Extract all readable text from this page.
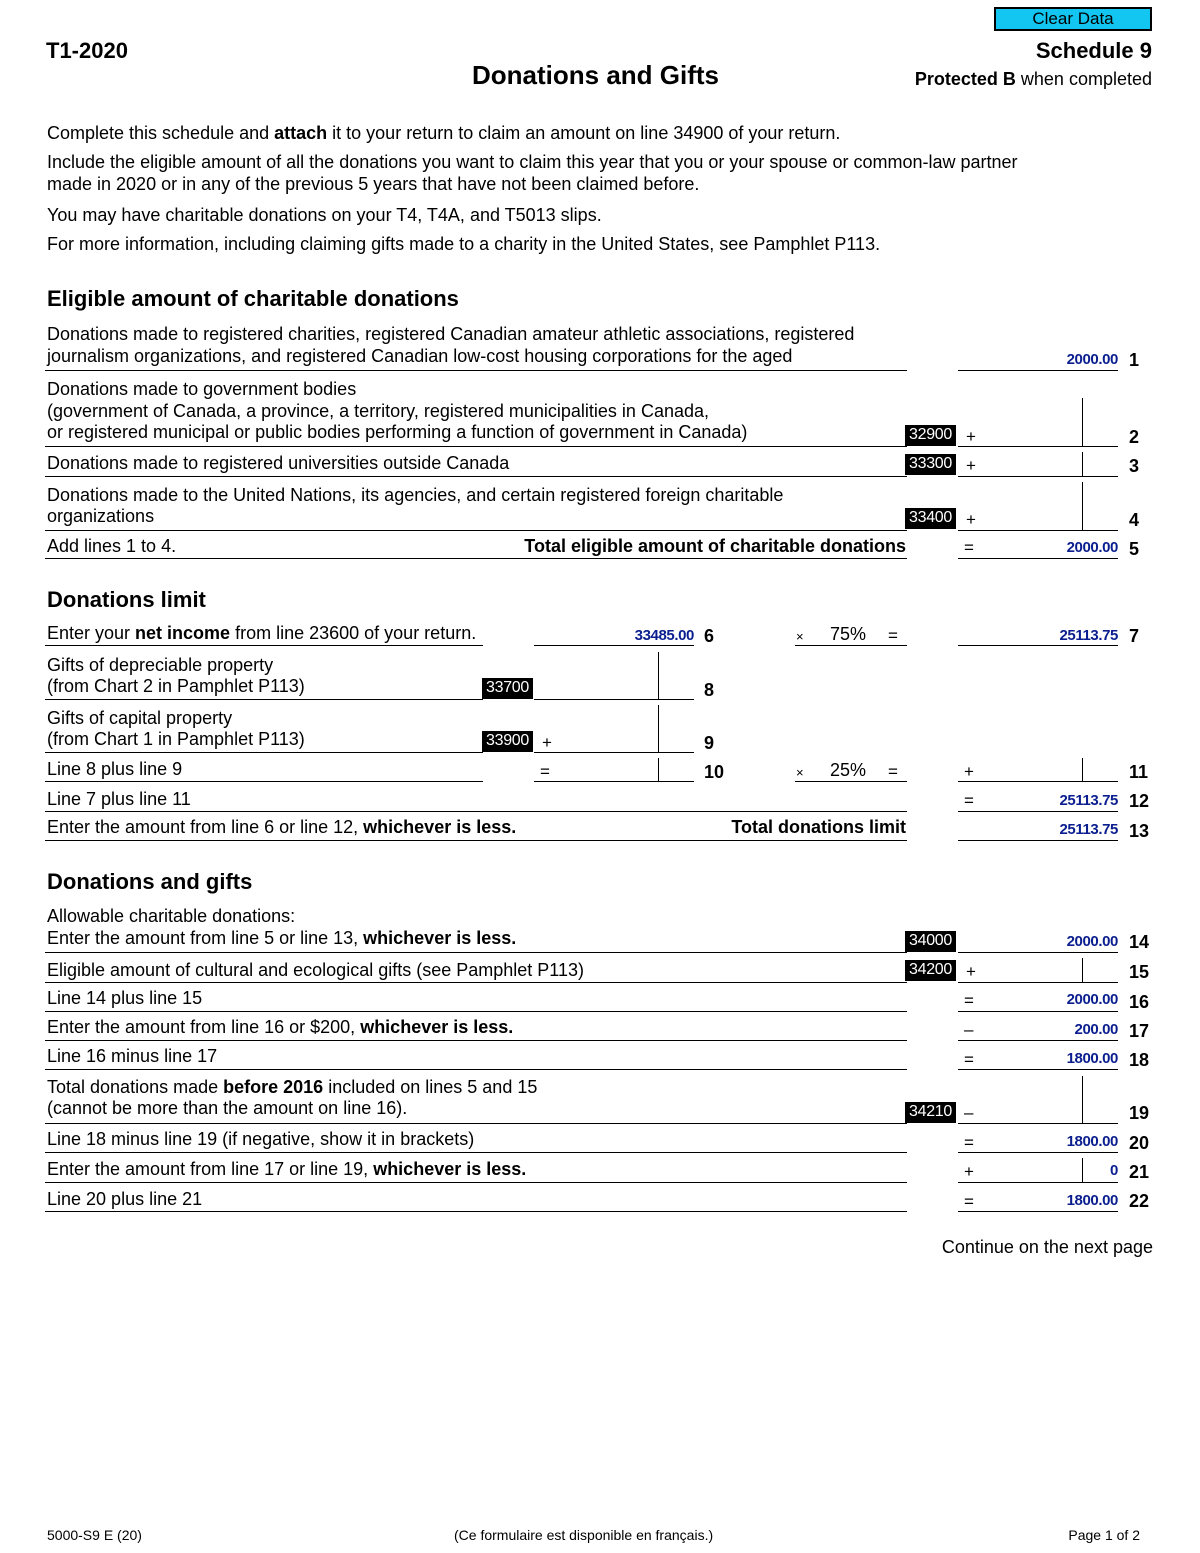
Clear Data
T1-2020
Donations and Gifts
Schedule 9
Protected B when completed
Complete this schedule and attach it to your return to claim an amount on line 34900 of your return.
Include the eligible amount of all the donations you want to claim this year that you or your spouse or common-law partner
made in 2020 or in any of the previous 5 years that have not been claimed before.
You may have charitable donations on your T4, T4A, and T5013 slips.
For more information, including claiming gifts made to a charity in the United States, see Pamphlet P113.
Eligible amount of charitable donations
Donations made to registered charities, registered Canadian amateur athletic associations, registered
journalism organizations, and registered Canadian low-cost housing corporations for the aged	2000.00 1
Donations made to government bodies
(government of Canada, a province, a territory, registered municipalities in Canada,
or registered municipal or public bodies performing a function of government in Canada)	32900 +	2
Donations made to registered universities outside Canada	33300 +	3
Donations made to the United Nations, its agencies, and certain registered foreign charitable
organizations	33400 +	4
Add lines 1 to 4.	Total eligible amount of charitable donations	=	2000.00 5
Donations limit
Enter your net income from line 23600 of your return.	33485.00 6	× 75% =	25113.75 7
Gifts of depreciable property
(from Chart 2 in Pamphlet P113)	33700	8
Gifts of capital property
(from Chart 1 in Pamphlet P113)	33900 +	9
Line 8 plus line 9	=	10	× 25% =	+	11
Line 7 plus line 11	=	25113.75 12
Enter the amount from line 6 or line 12, whichever is less.	Total donations limit	25113.75 13
Donations and gifts
Allowable charitable donations:
Enter the amount from line 5 or line 13, whichever is less.	34000	2000.00 14
Eligible amount of cultural and ecological gifts (see Pamphlet P113)	34200 +	15
Line 14 plus line 15	=	2000.00 16
Enter the amount from line 16 or $200, whichever is less.	–	200.00 17
Line 16 minus line 17	=	1800.00 18
Total donations made before 2016 included on lines 5 and 15
(cannot be more than the amount on line 16).	34210 –	19
Line 18 minus line 19 (if negative, show it in brackets)	=	1800.00 20
Enter the amount from line 17 or line 19, whichever is less.	+	0 21
Line 20 plus line 21	=	1800.00 22
Continue on the next page
5000-S9 E (20)	(Ce formulaire est disponible en français.)	Page 1 of 2
